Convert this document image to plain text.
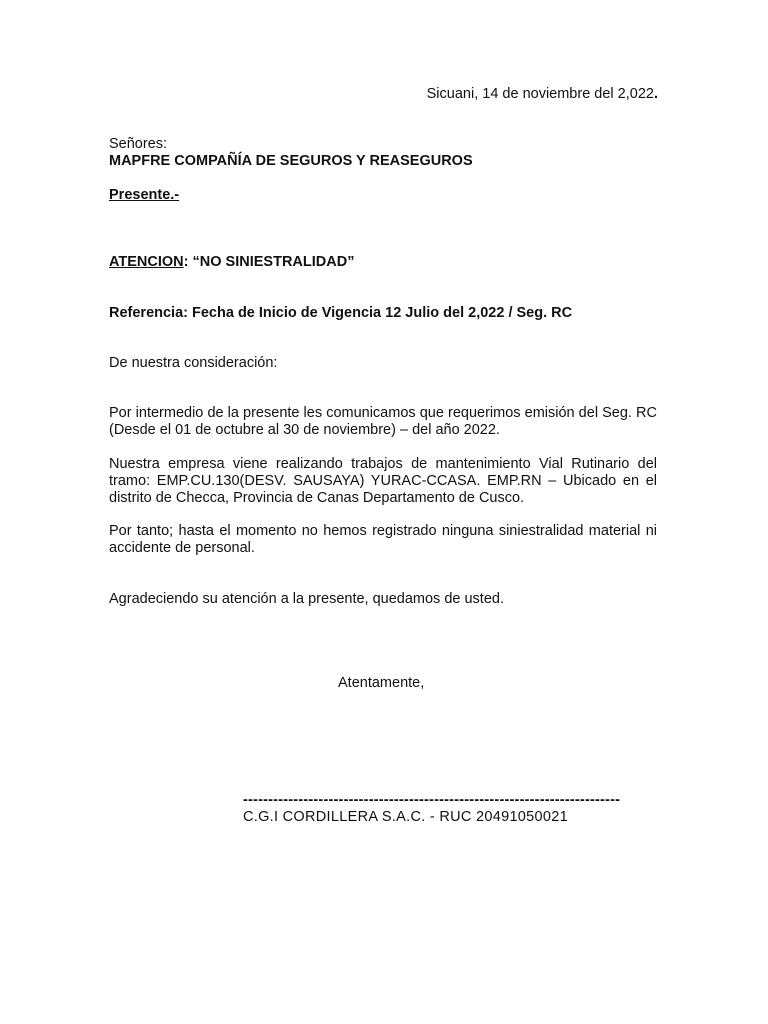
Sicuani, 14 de noviembre del 2,022.
Señores:
MAPFRE COMPAÑÍA DE SEGUROS Y REASEGUROS
Presente.-
ATENCION: “NO SINIESTRALIDAD”
Referencia: Fecha de Inicio de Vigencia 12 Julio del 2,022 / Seg. RC
De nuestra consideración:
Por intermedio de la presente les comunicamos que requerimos emisión del Seg. RC (Desde el 01 de octubre al 30 de noviembre) – del año 2022.
Nuestra empresa viene realizando trabajos de mantenimiento Vial Rutinario del tramo: EMP.CU.130(DESV. SAUSAYA) YURAC-CCASA. EMP.RN – Ubicado en el distrito de Checca, Provincia de Canas Departamento de Cusco.
Por tanto; hasta el momento no hemos registrado ninguna siniestralidad material ni accidente de personal.
Agradeciendo su atención a la presente, quedamos de usted.
Atentamente,
---------------------------------------------------------------------------
C.G.I CORDILLERA S.A.C. - RUC 20491050021
